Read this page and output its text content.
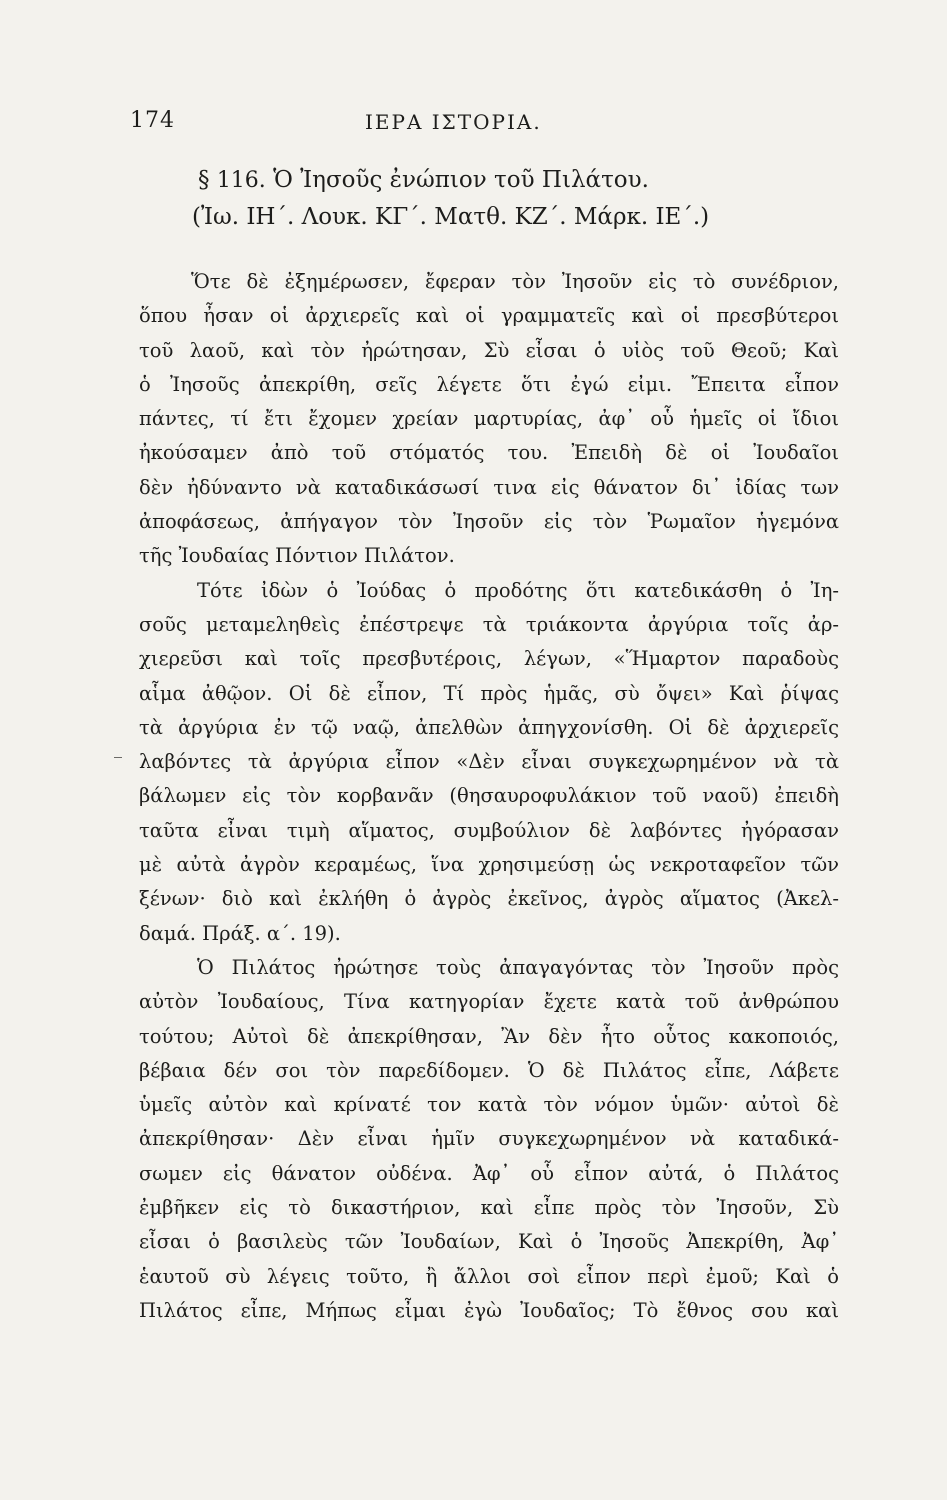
174	ΙΕΡΑ ΙΣΤΟΡΙΑ.
§ 116. Ὁ Ἰησοῦς ἐνώπιον τοῦ Πιλάτου.
(Ἰω. ΙΗ΄. Λουκ. ΚΓ΄. Ματθ. ΚΖ΄. Μάρκ. ΙΕ΄.)
Ὅτε δὲ ἐξημέρωσεν, ἔφεραν τὸν Ἰησοῦν εἰς τὸ συνέδριον,
ὅπου ἦσαν οἱ ἀρχιερεῖς καὶ οἱ γραμματεῖς καὶ οἱ πρεσβύτεροι
τοῦ λαοῦ, καὶ τὸν ἠρώτησαν, Σὺ εἶσαι ὁ υἱὸς τοῦ Θεοῦ; Καὶ
ὁ Ἰησοῦς ἀπεκρίθη, σεῖς λέγετε ὅτι ἐγώ εἰμι. Ἔπειτα εἶπον
πάντες, τί ἔτι ἔχομεν χρείαν μαρτυρίας, ἀφ᾽ οὗ ἡμεῖς οἱ ἴδιοι
ἠκούσαμεν ἀπὸ τοῦ στόματός του. Ἐπειδὴ δὲ οἱ Ἰουδαῖοι
δὲν ἠδύναντο νὰ καταδικάσωσί τινα εἰς θάνατον δι᾽ ἰδίας των
ἀποφάσεως, ἀπήγαγον τὸν Ἰησοῦν εἰς τὸν Ῥωμαῖον ἡγεμόνα
τῆς Ἰουδαίας Πόντιον Πιλάτον.
Τότε ἰδὼν ὁ Ἰούδας ὁ προδότης ὅτι κατεδικάσθη ὁ Ἰη-
σοῦς μεταμεληθεὶς ἐπέστρεψε τὰ τριάκοντα ἀργύρια τοῖς ἀρ-
χιερεῦσι καὶ τοῖς πρεσβυτέροις, λέγων, «Ἥμαρτον παραδοὺς
αἷμα ἀθῷον. Οἱ δὲ εἶπον, Τί πρὸς ἡμᾶς, σὺ ὄψει» Καὶ ῥίψας
τὰ ἀργύρια ἐν τῷ ναῷ, ἀπελθὼν ἀπηγχονίσθη. Οἱ δὲ ἀρχιερεῖς
λαβόντες τὰ ἀργύρια εἶπον «Δὲν εἶναι συγκεχωρημένον νὰ τὰ
βάλωμεν εἰς τὸν κορβανᾶν (θησαυροφυλάκιον τοῦ ναοῦ) ἐπειδὴ
ταῦτα εἶναι τιμὴ αἵματος, συμβούλιον δὲ λαβόντες ἠγόρασαν
μὲ αὐτὰ ἀγρὸν κεραμέως, ἵνα χρησιμεύσῃ ὡς νεκροταφεῖον τῶν
ξένων· διὸ καὶ ἐκλήθη ὁ ἀγρὸς ἐκεῖνος, ἀγρὸς αἵματος (Ἀκελ-
δαμά. Πράξ. α΄. 19).
Ὁ Πιλάτος ἠρώτησε τοὺς ἀπαγαγόντας τὸν Ἰησοῦν πρὸς
αὐτὸν Ἰουδαίους, Τίνα κατηγορίαν ἔχετε κατὰ τοῦ ἀνθρώπου
τούτου; Αὐτοὶ δὲ ἀπεκρίθησαν, Ἂν δὲν ἦτο οὗτος κακοποιός,
βέβαια δέν σοι τὸν παρεδίδομεν. Ὁ δὲ Πιλάτος εἶπε, Λάβετε
ὑμεῖς αὐτὸν καὶ κρίνατέ τον κατὰ τὸν νόμον ὑμῶν· αὐτοὶ δὲ
ἀπεκρίθησαν· Δὲν εἶναι ἡμῖν συγκεχωρημένον νὰ καταδικά-
σωμεν εἰς θάνατον οὐδένα. Ἀφ᾽ οὗ εἶπον αὐτά, ὁ Πιλάτος
ἐμβῆκεν εἰς τὸ δικαστήριον, καὶ εἶπε πρὸς τὸν Ἰησοῦν, Σὺ
εἶσαι ὁ βασιλεὺς τῶν Ἰουδαίων, Καὶ ὁ Ἰησοῦς Ἀπεκρίθη, Ἀφ᾽
ἑαυτοῦ σὺ λέγεις τοῦτο, ἢ ἄλλοι σοὶ εἶπον περὶ ἐμοῦ; Καὶ ὁ
Πιλάτος εἶπε, Μήπως εἶμαι ἐγὼ Ἰουδαῖος; Τὸ ἔθνος σου καὶ
